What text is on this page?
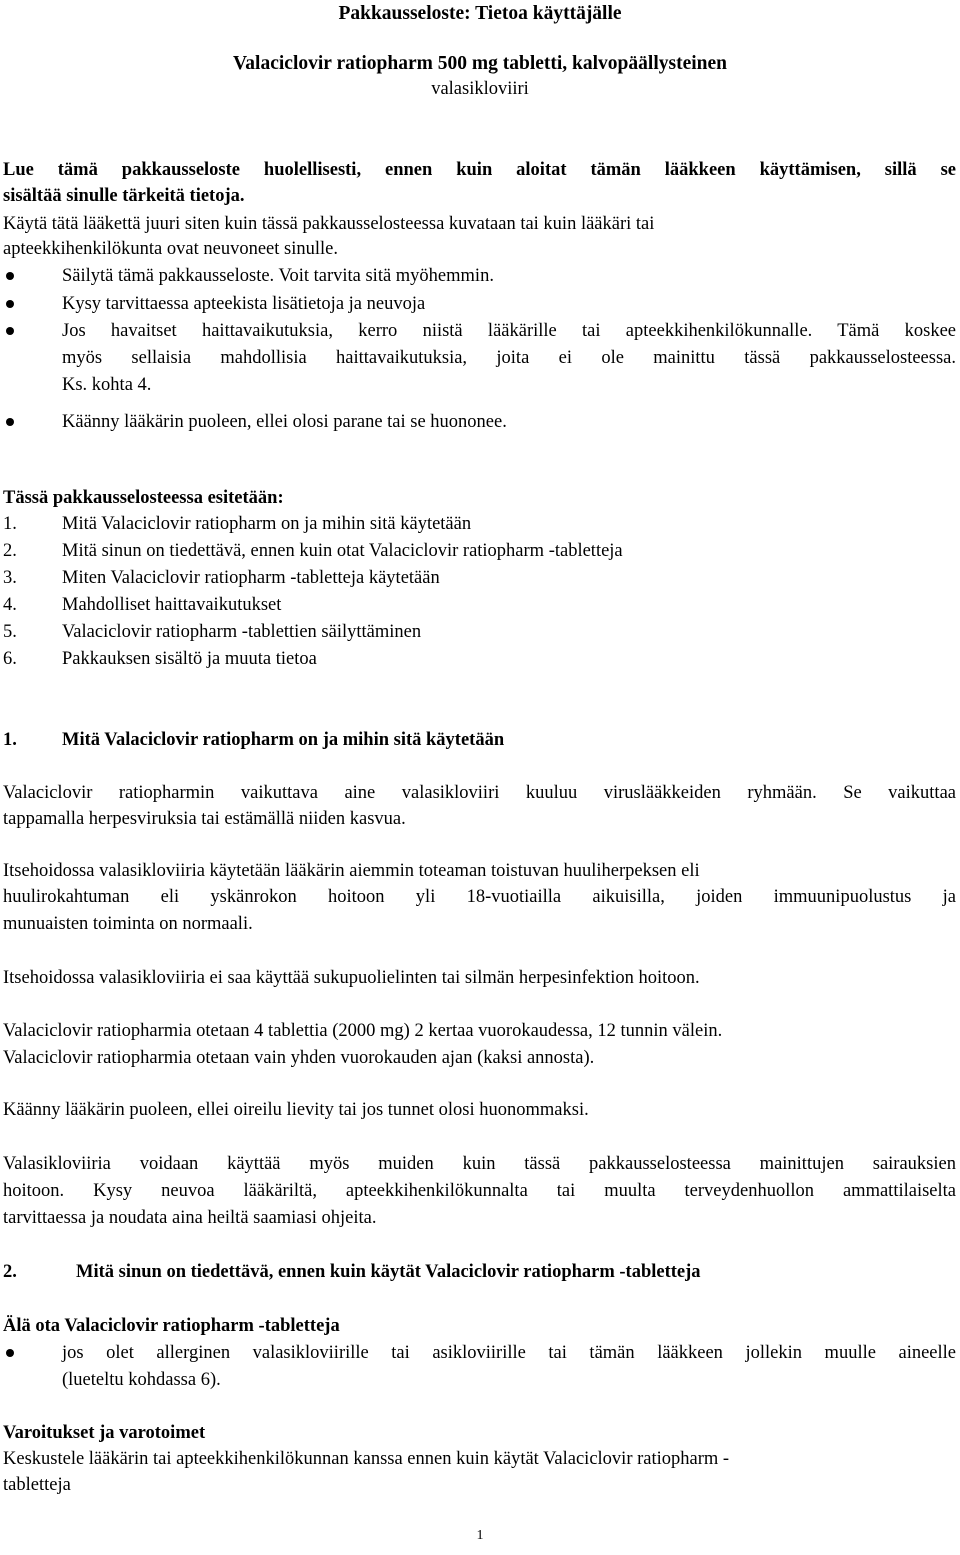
Pakkausseloste: Tietoa käyttäjälle
Valaciclovir ratiopharm 500 mg tabletti, kalvopäällysteinen
valasikloviiri
Lue tämä pakkausseloste huolellisesti, ennen kuin aloitat tämän lääkkeen käyttämisen, sillä se
sisältää sinulle tärkeitä tietoja.
Käytä tätä lääkettä juuri siten kuin tässä pakkausselosteessa kuvataan tai kuin lääkäri tai
apteekkihenkilökunta ovat neuvoneet sinulle.
Säilytä tämä pakkausseloste. Voit tarvita sitä myöhemmin.
Kysy tarvittaessa apteekista lisätietoja ja neuvoja
Jos havaitset haittavaikutuksia, kerro niistä lääkärille tai apteekkihenkilökunnalle. Tämä koskee
myös sellaisia mahdollisia haittavaikutuksia, joita ei ole mainittu tässä pakkausselosteessa.
Ks. kohta 4.
Käänny lääkärin puoleen, ellei olosi parane tai se huononee.
Tässä pakkausselosteessa esitetään:
1. Mitä Valaciclovir ratiopharm on ja mihin sitä käytetään
2. Mitä sinun on tiedettävä, ennen kuin otat Valaciclovir ratiopharm -tabletteja
3. Miten Valaciclovir ratiopharm -tabletteja käytetään
4. Mahdolliset haittavaikutukset
5. Valaciclovir ratiopharm -tablettien säilyttäminen
6. Pakkauksen sisältö ja muuta tietoa
1. Mitä Valaciclovir ratiopharm on ja mihin sitä käytetään
Valaciclovir ratiopharmin vaikuttava aine valasikloviiri kuuluu viruslääkkeiden ryhmään. Se vaikuttaa
tappamalla herpesviruksia tai estämällä niiden kasvua.
Itsehoidossa valasikloviiria käytetään lääkärin aiemmin toteaman toistuvan huuliherpeksen eli
huulirokahtuman eli yskänrokon hoitoon yli 18-vuotiailla aikuisilla, joiden immuunipuolustus ja
munuaisten toiminta on normaali.
Itsehoidossa valasikloviiria ei saa käyttää sukupuolielinten tai silmän herpesinfektion hoitoon.
Valaciclovir ratiopharmia otetaan 4 tablettia (2000 mg) 2 kertaa vuorokaudessa, 12 tunnin välein.
Valaciclovir ratiopharmia otetaan vain yhden vuorokauden ajan (kaksi annosta).
Käänny lääkärin puoleen, ellei oireilu lievity tai jos tunnet olosi huonommaksi.
Valasikloviiria voidaan käyttää myös muiden kuin tässä pakkausselosteessa mainittujen sairauksien
hoitoon. Kysy neuvoa lääkäriltä, apteekkihenkilökunnalta tai muulta terveydenhuollon ammattilaiselta
tarvittaessa ja noudata aina heiltä saamiasi ohjeita.
2.	Mitä sinun on tiedettävä, ennen kuin käytät Valaciclovir ratiopharm -tabletteja
Älä ota Valaciclovir ratiopharm -tabletteja
jos olet allerginen valasikloviirille tai asikloviirille tai tämän lääkkeen jollekin muulle aineelle
(lueteltu kohdassa 6).
Varoitukset ja varotoimet
Keskustele lääkärin tai apteekkihenkilökunnan kanssa ennen kuin käytät Valaciclovir ratiopharm -
tabletteja
1
